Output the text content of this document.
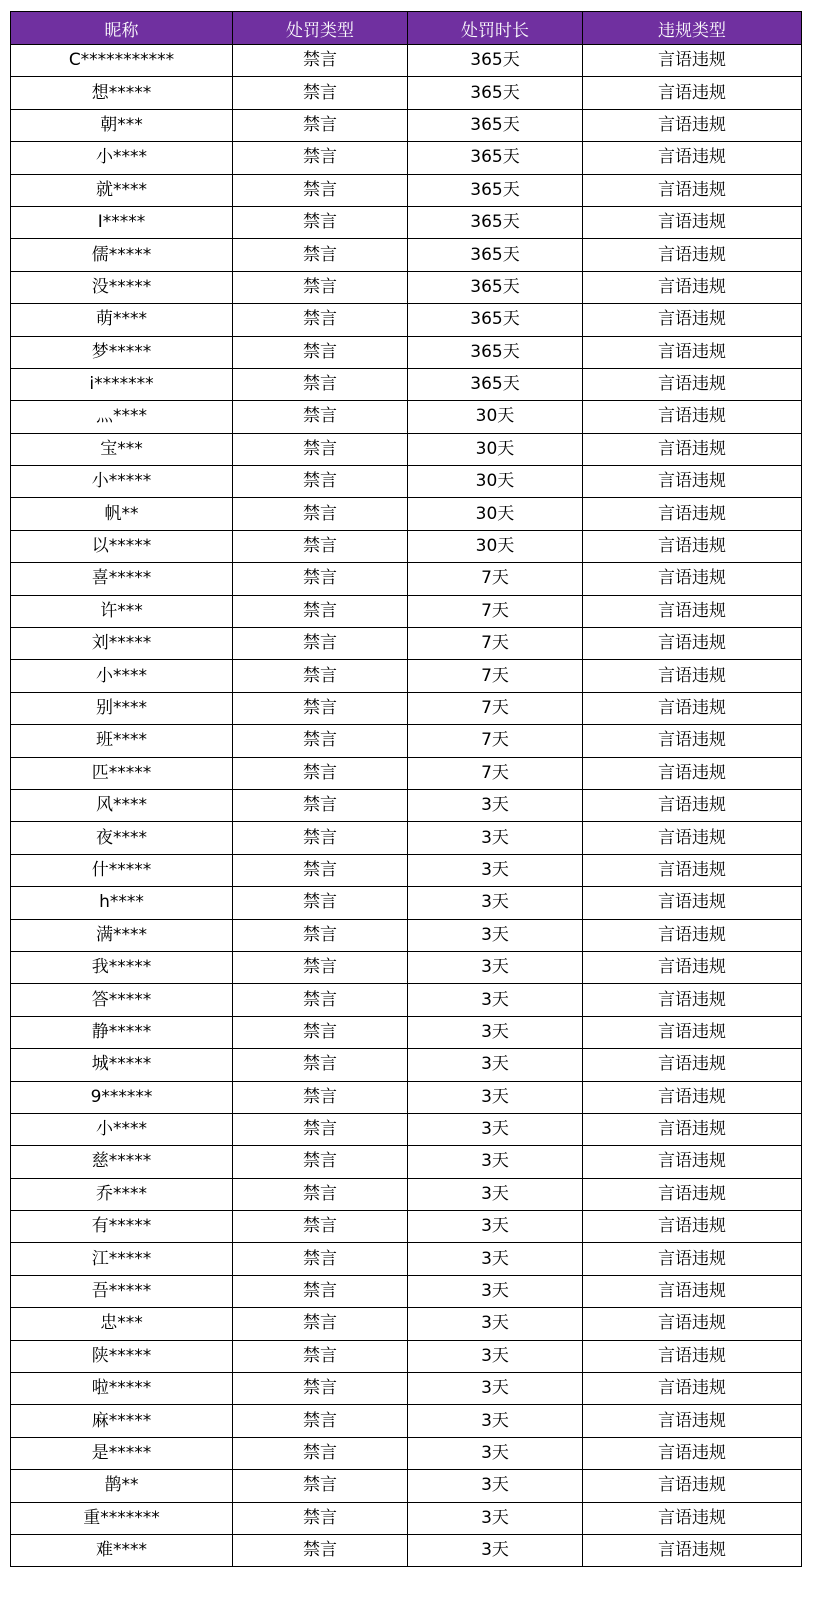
昵称	处罚类型	处罚时长	违规类型
C***********	禁言	365天	言语违规
想*****	禁言	365天	言语违规
朝***	禁言	365天	言语违规
小****	禁言	365天	言语违规
就****	禁言	365天	言语违规
I*****	禁言	365天	言语违规
儒*****	禁言	365天	言语违规
没*****	禁言	365天	言语违规
萌****	禁言	365天	言语违规
梦*****	禁言	365天	言语违规
i*******	禁言	365天	言语违规
灬****	禁言	30天	言语违规
宝***	禁言	30天	言语违规
小*****	禁言	30天	言语违规
帆**	禁言	30天	言语违规
以*****	禁言	30天	言语违规
喜*****	禁言	7天	言语违规
许***	禁言	7天	言语违规
刘*****	禁言	7天	言语违规
小****	禁言	7天	言语违规
别****	禁言	7天	言语违规
班****	禁言	7天	言语违规
匹*****	禁言	7天	言语违规
风****	禁言	3天	言语违规
夜****	禁言	3天	言语违规
什*****	禁言	3天	言语违规
h****	禁言	3天	言语违规
满****	禁言	3天	言语违规
我*****	禁言	3天	言语违规
答*****	禁言	3天	言语违规
静*****	禁言	3天	言语违规
城*****	禁言	3天	言语违规
9******	禁言	3天	言语违规
小****	禁言	3天	言语违规
慈*****	禁言	3天	言语违规
乔****	禁言	3天	言语违规
有*****	禁言	3天	言语违规
江*****	禁言	3天	言语违规
吾*****	禁言	3天	言语违规
忠***	禁言	3天	言语违规
陕*****	禁言	3天	言语违规
啦*****	禁言	3天	言语违规
麻*****	禁言	3天	言语违规
是*****	禁言	3天	言语违规
鹊**	禁言	3天	言语违规
重*******	禁言	3天	言语违规
难****	禁言	3天	言语违规
